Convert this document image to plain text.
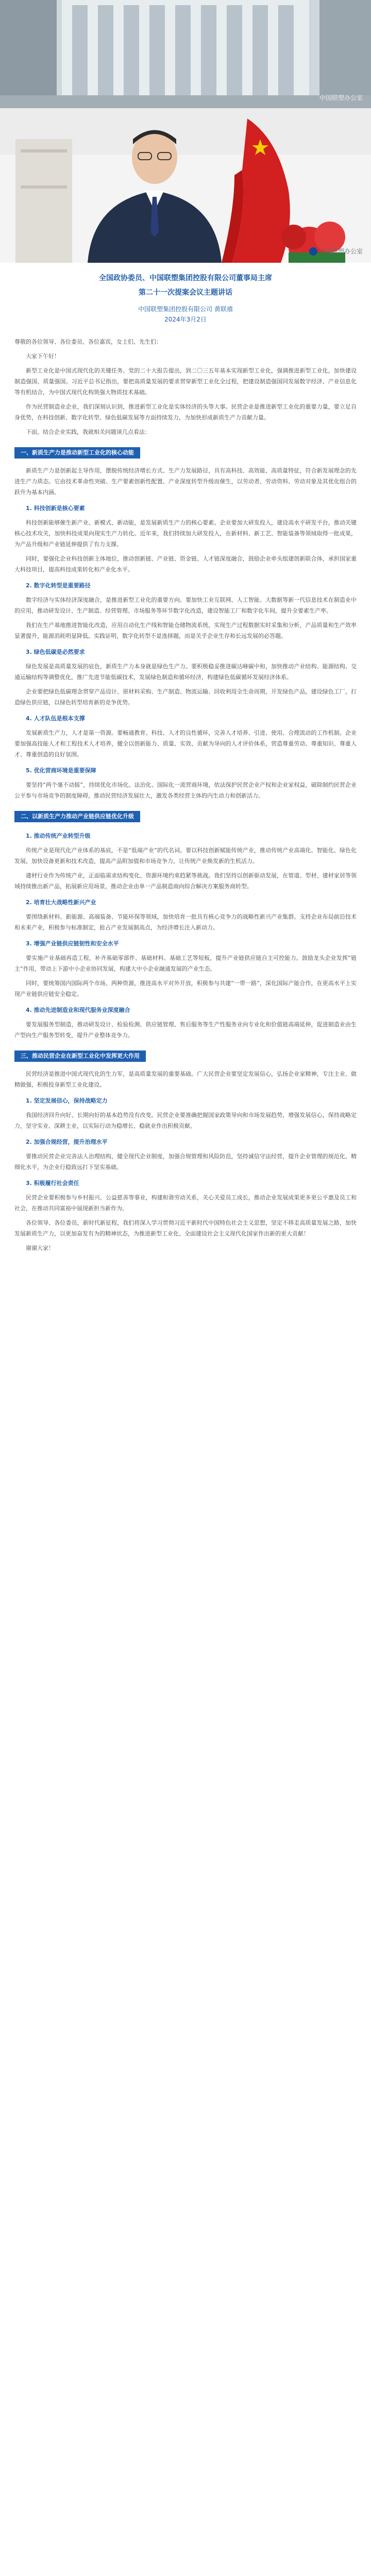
中国联塑办公室
中国联塑办公室
全国政协委员、中国联塑集团控股有限公司董事局主席
第二十一次提案会议主题讲话
中国联塑集团控股有限公司 黄联禧
2024年3月2日

尊敬的各位领导、各位委员、各位嘉宾，女士们、先生们：

大家下午好！

新型工业化是中国式现代化的关键任务。党的二十大报告提出，到二〇三五年基本实现新型工业化，强调推进新型工业化，加快建设制造强国、质量强国。习近平总书记指出，要把高质量发展的要求贯穿新型工业化全过程，把建设制造强国同发展数字经济、产业信息化等有机结合，为中国式现代化构筑强大物质技术基础。

作为民营制造业企业，我们深刻认识到，推进新型工业化是实体经济的头等大事。民营企业是推进新型工业化的重要力量，要立足自身优势，在科技创新、数字化转型、绿色低碳发展等方面持续发力，为加快形成新质生产力贡献力量。

下面，结合企业实践，我就相关问题谈几点看法：

一、新质生产力是推动新型工业化的核心动能

新质生产力是创新起主导作用，摆脱传统经济增长方式、生产力发展路径，具有高科技、高效能、高质量特征，符合新发展理念的先进生产力质态。它由技术革命性突破、生产要素创新性配置、产业深度转型升级而催生，以劳动者、劳动资料、劳动对象及其优化组合的跃升为基本内涵。

1. 科技创新是核心要素

科技创新能够催生新产业、新模式、新动能，是发展新质生产力的核心要素。企业要加大研发投入，建设高水平研发平台，推动关键核心技术攻关，加快科技成果向现实生产力转化。近年来，我们持续加大研发投入，在新材料、新工艺、智能装备等领域取得一批成果，为产品升级和产业链延伸提供了有力支撑。

同时，要强化企业科技创新主体地位，推动创新链、产业链、资金链、人才链深度融合，鼓励企业牵头组建创新联合体，承担国家重大科技项目，提高科技成果转化和产业化水平。

2. 数字化转型是重要路径

数字经济与实体经济深度融合，是推进新型工业化的重要方向。要加快工业互联网、人工智能、大数据等新一代信息技术在制造业中的应用，推动研发设计、生产制造、经营管理、市场服务等环节数字化改造，建设智能工厂和数字化车间，提升全要素生产率。

我们在生产基地推进智能化改造，应用自动化生产线和智能仓储物流系统，实现生产过程数据实时采集和分析，产品质量和生产效率显著提升，能源消耗明显降低。实践证明，数字化转型不是选择题，而是关乎企业生存和长远发展的必答题。

3. 绿色低碳是必然要求

绿色发展是高质量发展的底色，新质生产力本身就是绿色生产力。要积极稳妥推进碳达峰碳中和，加快推动产业结构、能源结构、交通运输结构等调整优化，推广先进节能低碳技术，发展绿色制造和循环经济，构建绿色低碳循环发展经济体系。

企业要把绿色低碳理念贯穿产品设计、原材料采购、生产制造、物流运输、回收利用全生命周期，开发绿色产品，建设绿色工厂，打造绿色供应链，以绿色转型培育新的竞争优势。

4. 人才队伍是根本支撑

发展新质生产力，人才是第一资源。要畅通教育、科技、人才的良性循环，完善人才培养、引进、使用、合理流动的工作机制。企业要加强高技能人才和工程技术人才培养，健全以创新能力、质量、实效、贡献为导向的人才评价体系，营造尊重劳动、尊重知识、尊重人才、尊重创造的良好氛围。

5. 优化营商环境是重要保障

要坚持“两个毫不动摇”，持续优化市场化、法治化、国际化一流营商环境，依法保护民营企业产权和企业家权益，破除制约民营企业公平参与市场竞争的制度障碍，推动民营经济发展壮大，激发各类经营主体的内生动力和创新活力。

二、以新质生产力推动产业链供应链优化升级

1. 推动传统产业转型升级

传统产业是现代化产业体系的基底，不是“低端产业”的代名词。要以科技创新赋能传统产业，推动传统产业高端化、智能化、绿色化发展，加快设备更新和技术改造，提高产品附加值和市场竞争力，让传统产业焕发新的生机活力。

建材行业作为传统产业，正面临需求结构变化、资源环境约束趋紧等挑战。我们坚持以创新驱动发展，在管道、型材、建材家居等领域持续推出新产品，拓展新应用场景，推动企业由单一产品制造商向综合解决方案服务商转型。

2. 培育壮大战略性新兴产业

要围绕新材料、新能源、高端装备、节能环保等领域，加快培育一批具有核心竞争力的战略性新兴产业集群。支持企业布局前沿技术和未来产业，积极参与标准制定，抢占产业发展制高点，为经济增长注入新动力。

3. 增强产业链供应链韧性和安全水平

要实施产业基础再造工程，补齐基础零部件、基础材料、基础工艺等短板，提升产业链供应链自主可控能力。鼓励龙头企业发挥“链主”作用，带动上下游中小企业协同发展，构建大中小企业融通发展的产业生态。

同时，要统筹国内国际两个市场、两种资源，推进高水平对外开放，积极参与共建“一带一路”，深化国际产能合作，在更高水平上实现产业链供应链安全稳定。

4. 推动先进制造业和现代服务业深度融合

要发展服务型制造，推动研发设计、检验检测、供应链管理、售后服务等生产性服务业向专业化和价值链高端延伸，促进制造业由生产型向生产服务型转变，提升产业整体竞争力。

三、推动民营企业在新型工业化中发挥更大作用

民营经济是推进中国式现代化的生力军，是高质量发展的重要基础。广大民营企业要坚定发展信心，弘扬企业家精神，专注主业、做精做强，积极投身新型工业化建设。

1. 坚定发展信心，保持战略定力

我国经济回升向好、长期向好的基本趋势没有改变。民营企业要准确把握国家政策导向和市场发展趋势，增强发展信心，保持战略定力，坚守实业、深耕主业，以实际行动为稳增长、稳就业作出积极贡献。

2. 加强合规经营，提升治理水平

要推动民营企业完善法人治理结构，健全现代企业制度，加强合规管理和风险防范，坚持诚信守法经营，提升企业管理的规范化、精细化水平，为企业行稳致远打下坚实基础。

3. 积极履行社会责任

民营企业要积极参与乡村振兴、公益慈善等事业，构建和谐劳动关系，关心关爱员工成长，推动企业发展成果更多更公平惠及员工和社会，在推动共同富裕中展现新担当新作为。

各位领导、各位委员，新时代新征程，我们将深入学习贯彻习近平新时代中国特色社会主义思想，坚定不移走高质量发展之路，加快发展新质生产力，以更加奋发有为的精神状态，为推进新型工业化、全面建设社会主义现代化国家作出新的更大贡献！

谢谢大家！
